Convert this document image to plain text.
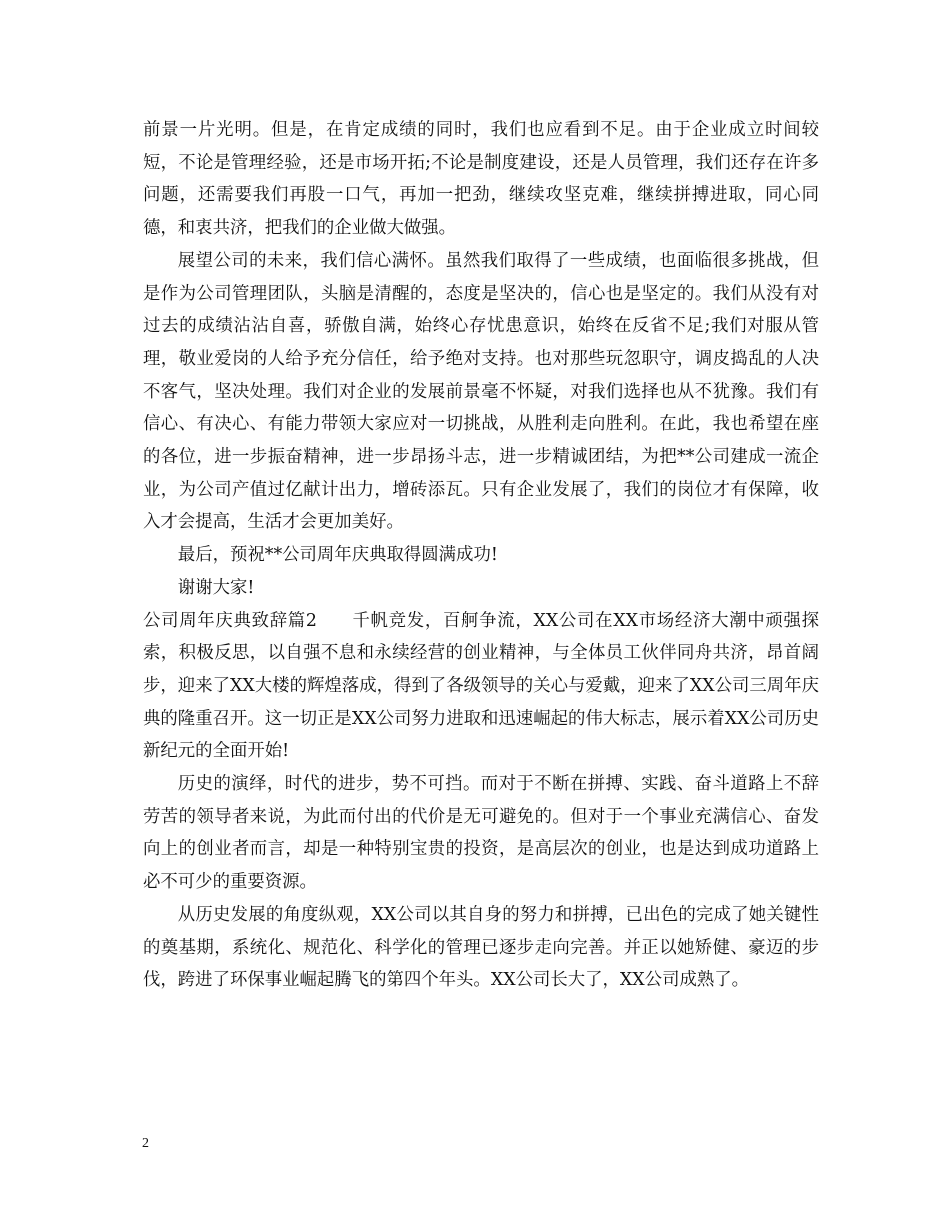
前景一片光明。但是，在肯定成绩的同时，我们也应看到不足。由于企业成立时间较短，不论是管理经验，还是市场开拓;不论是制度建设，还是人员管理，我们还存在许多问题，还需要我们再股一口气，再加一把劲，继续攻坚克难，继续拼搏进取，同心同德，和衷共济，把我们的企业做大做强。

展望公司的未来，我们信心满怀。虽然我们取得了一些成绩，也面临很多挑战，但是作为公司管理团队，头脑是清醒的，态度是坚决的，信心也是坚定的。我们从没有对过去的成绩沾沾自喜，骄傲自满，始终心存忧患意识，始终在反省不足;我们对服从管理，敬业爱岗的人给予充分信任，给予绝对支持。也对那些玩忽职守，调皮捣乱的人决不客气，坚决处理。我们对企业的发展前景毫不怀疑，对我们选择也从不犹豫。我们有信心、有决心、有能力带领大家应对一切挑战，从胜利走向胜利。在此，我也希望在座的各位，进一步振奋精神，进一步昂扬斗志，进一步精诚团结，为把**公司建成一流企业，为公司产值过亿献计出力，增砖添瓦。只有企业发展了，我们的岗位才有保障，收入才会提高，生活才会更加美好。

最后，预祝**公司周年庆典取得圆满成功!

谢谢大家!

公司周年庆典致辞篇2   千帆竞发，百舸争流，XX公司在XX市场经济大潮中顽强探索，积极反思，以自强不息和永续经营的创业精神，与全体员工伙伴同舟共济，昂首阔步，迎来了XX大楼的辉煌落成，得到了各级领导的关心与爱戴，迎来了XX公司三周年庆典的隆重召开。这一切正是XX公司努力进取和迅速崛起的伟大标志，展示着XX公司历史新纪元的全面开始!

历史的演绎，时代的进步，势不可挡。而对于不断在拼搏、实践、奋斗道路上不辞劳苦的领导者来说，为此而付出的代价是无可避免的。但对于一个事业充满信心、奋发向上的创业者而言，却是一种特别宝贵的投资，是高层次的创业，也是达到成功道路上必不可少的重要资源。

从历史发展的角度纵观，XX公司以其自身的努力和拼搏，已出色的完成了她关键性的奠基期，系统化、规范化、科学化的管理已逐步走向完善。并正以她矫健、豪迈的步伐，跨进了环保事业崛起腾飞的第四个年头。XX公司长大了，XX公司成熟了。

2
